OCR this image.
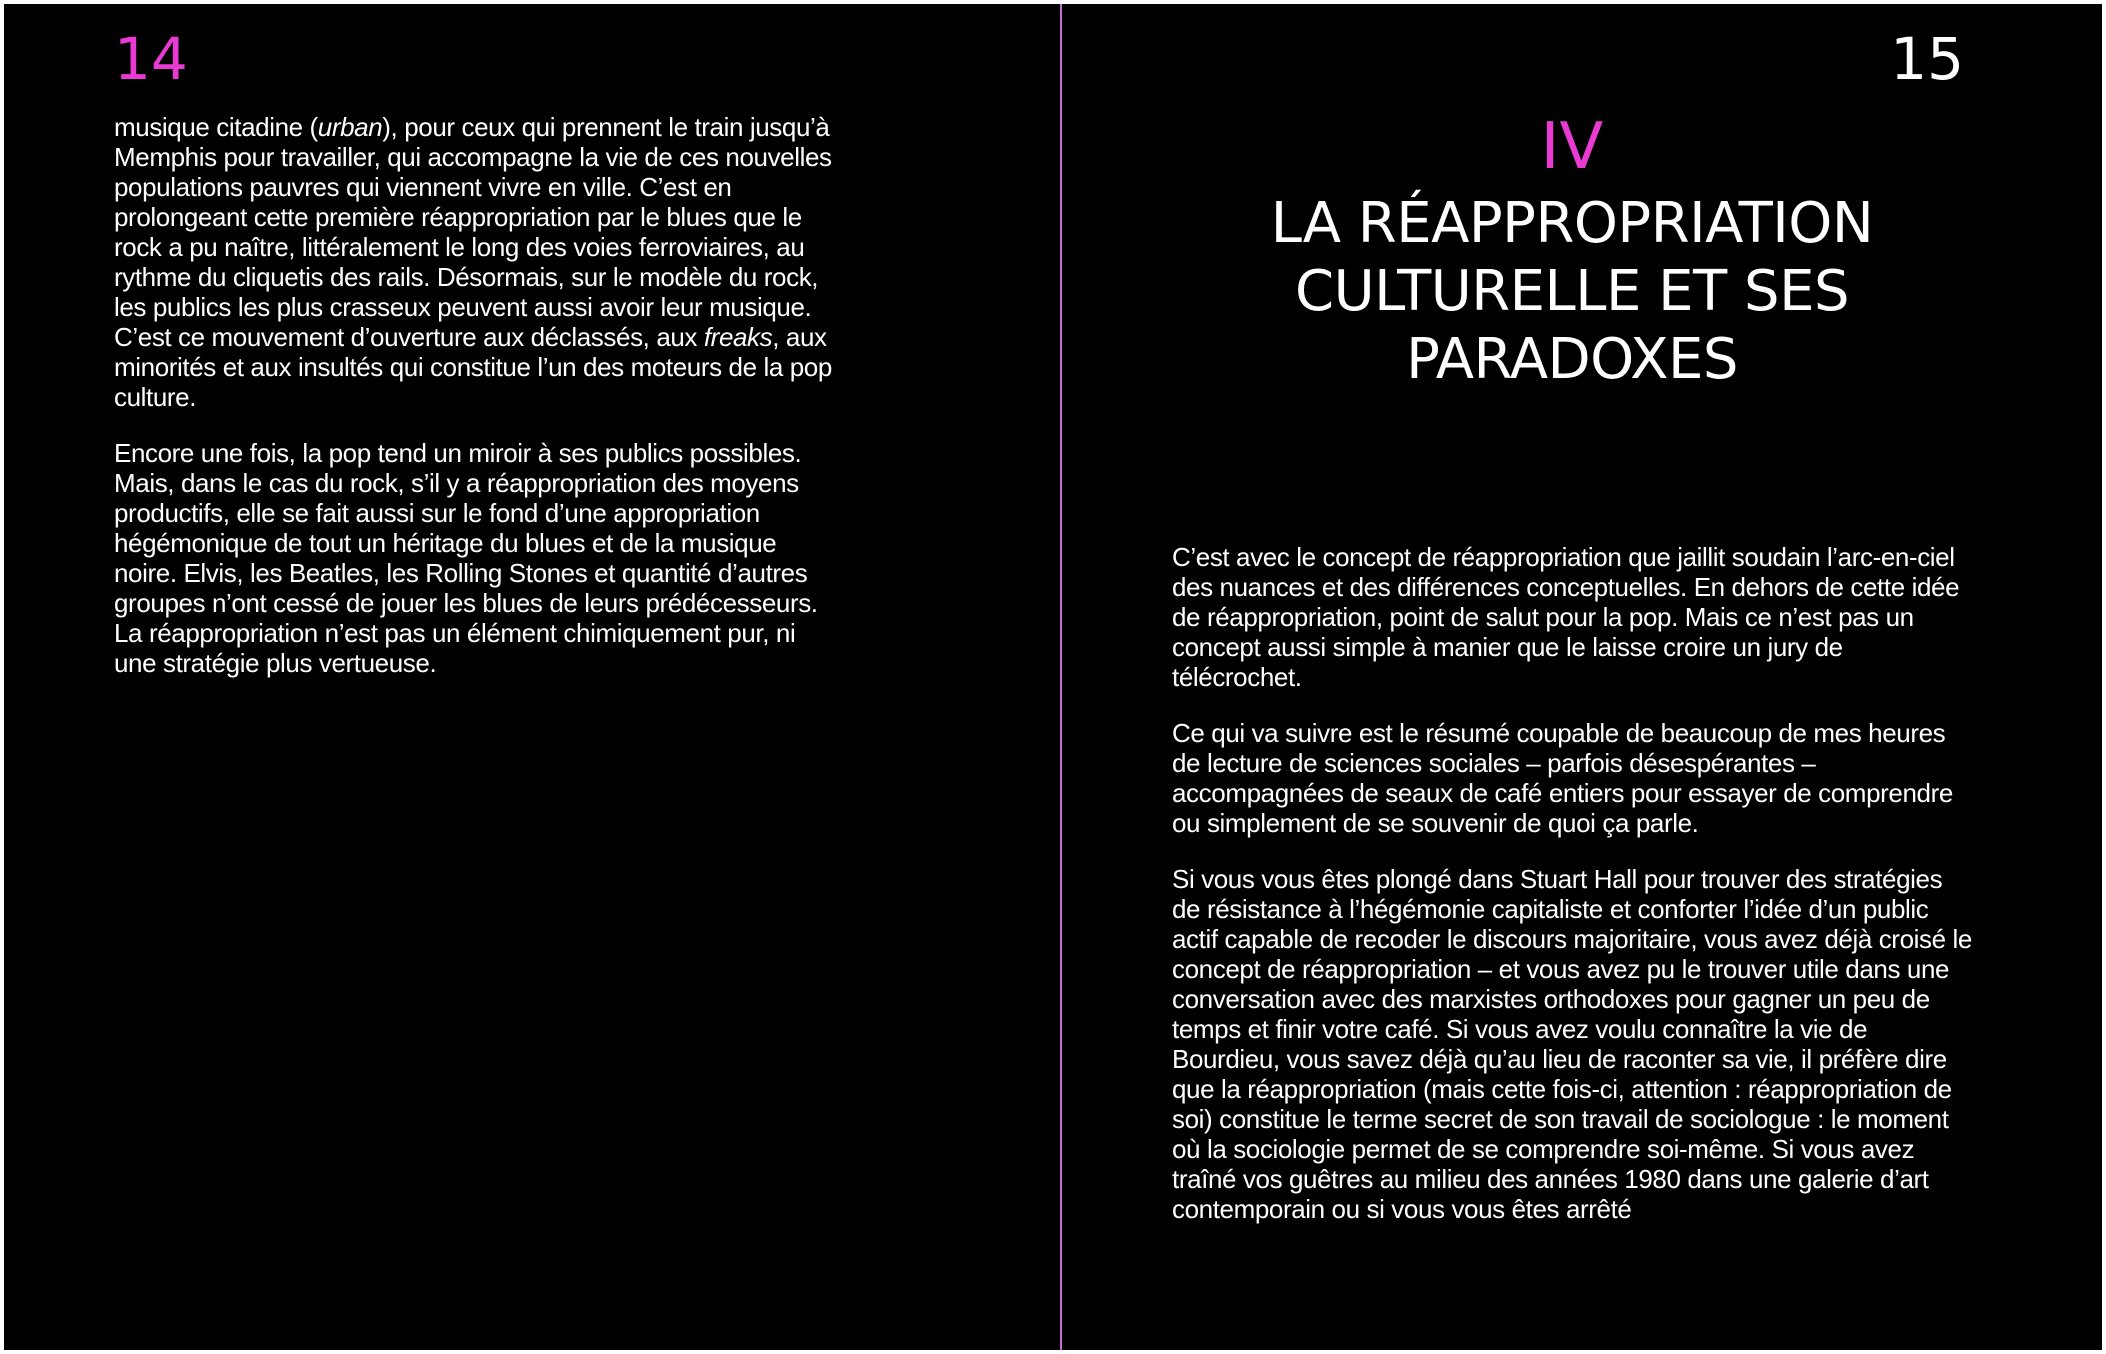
14

musique citadine (urban), pour ceux qui prennent le train jusqu’à Memphis pour travailler, qui accompagne la vie de ces nouvelles populations pauvres qui viennent vivre en ville. C’est en prolongeant cette première réappropriation par le blues que le rock a pu naître, littéralement le long des voies ferroviaires, au rythme du cliquetis des rails. Désormais, sur le modèle du rock, les publics les plus crasseux peuvent aussi avoir leur musique. C’est ce mouvement d’ouverture aux déclassés, aux freaks, aux minorités et aux insultés qui constitue l’un des moteurs de la pop culture.

Encore une fois, la pop tend un miroir à ses publics possibles. Mais, dans le cas du rock, s’il y a réappropriation des moyens productifs, elle se fait aussi sur le fond d’une appropriation hégémonique de tout un héritage du blues et de la musique noire. Elvis, les Beatles, les Rolling Stones et quantité d’autres groupes n’ont cessé de jouer les blues de leurs prédécesseurs. La réappropriation n’est pas un élément chimiquement pur, ni une stratégie plus vertueuse.

15
IV
LA RÉAPPROPRIATION CULTURELLE ET SES PARADOXES

C’est avec le concept de réappropriation que jaillit soudain l’arc-en-ciel des nuances et des différences conceptuelles. En dehors de cette idée de réappropriation, point de salut pour la pop. Mais ce n’est pas un concept aussi simple à manier que le laisse croire un jury de télécrochet.

Ce qui va suivre est le résumé coupable de beaucoup de mes heures de lecture de sciences sociales – parfois désespérantes – accompagnées de seaux de café entiers pour essayer de comprendre ou simplement de se souvenir de quoi ça parle.

Si vous vous êtes plongé dans Stuart Hall pour trouver des stratégies de résistance à l’hégémonie capitaliste et conforter l’idée d’un public actif capable de recoder le discours majoritaire, vous avez déjà croisé le concept de réappropriation – et vous avez pu le trouver utile dans une conversation avec des marxistes orthodoxes pour gagner un peu de temps et finir votre café. Si vous avez voulu connaître la vie de Bourdieu, vous savez déjà qu’au lieu de raconter sa vie, il préfère dire que la réappropriation (mais cette fois-ci, attention : réappropriation de soi) constitue le terme secret de son travail de sociologue : le moment où la sociologie permet de se comprendre soi-même. Si vous avez traîné vos guêtres au milieu des années 1980 dans une galerie d’art contemporain ou si vous vous êtes arrêté
